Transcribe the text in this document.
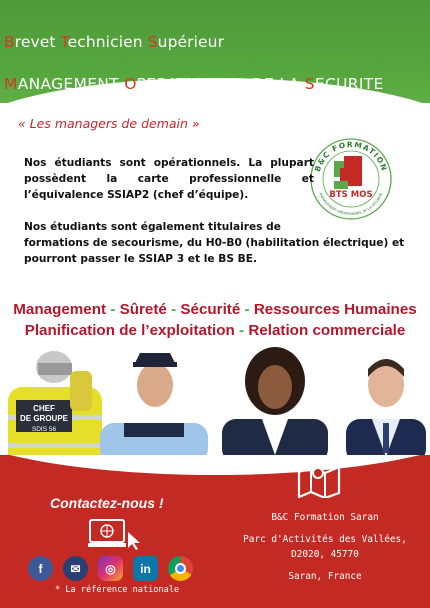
Brevet Technicien Supérieur
MANAGEMENT OPERATIONNEL DE LA SECURITE
« Les managers de demain »
B&C FORMATION
MANAGEMENT OPÉRATIONNEL DE LA SÉCURITÉ
BTS MOS
Nos étudiants sont opérationnels. La plupart possèdent la carte professionnelle et l’équivalence SSIAP2 (chef d’équipe).
Nos étudiants sont également titulaires de
formations de secourisme, du H0-B0 (habilitation électrique) et pourront passer le SSIAP 3 et le BS BE.
Management - Sûreté - Sécurité - Ressources Humaines
Planification de l’exploitation - Relation commerciale
CHEF
DE GROUPE
SDIS 56
Contactez-nous !
f	✉	◎	in
* La référence nationale
B&C Formation Saran
Parc d'Activités des Vallées,
D2020, 45770
Saran, France
